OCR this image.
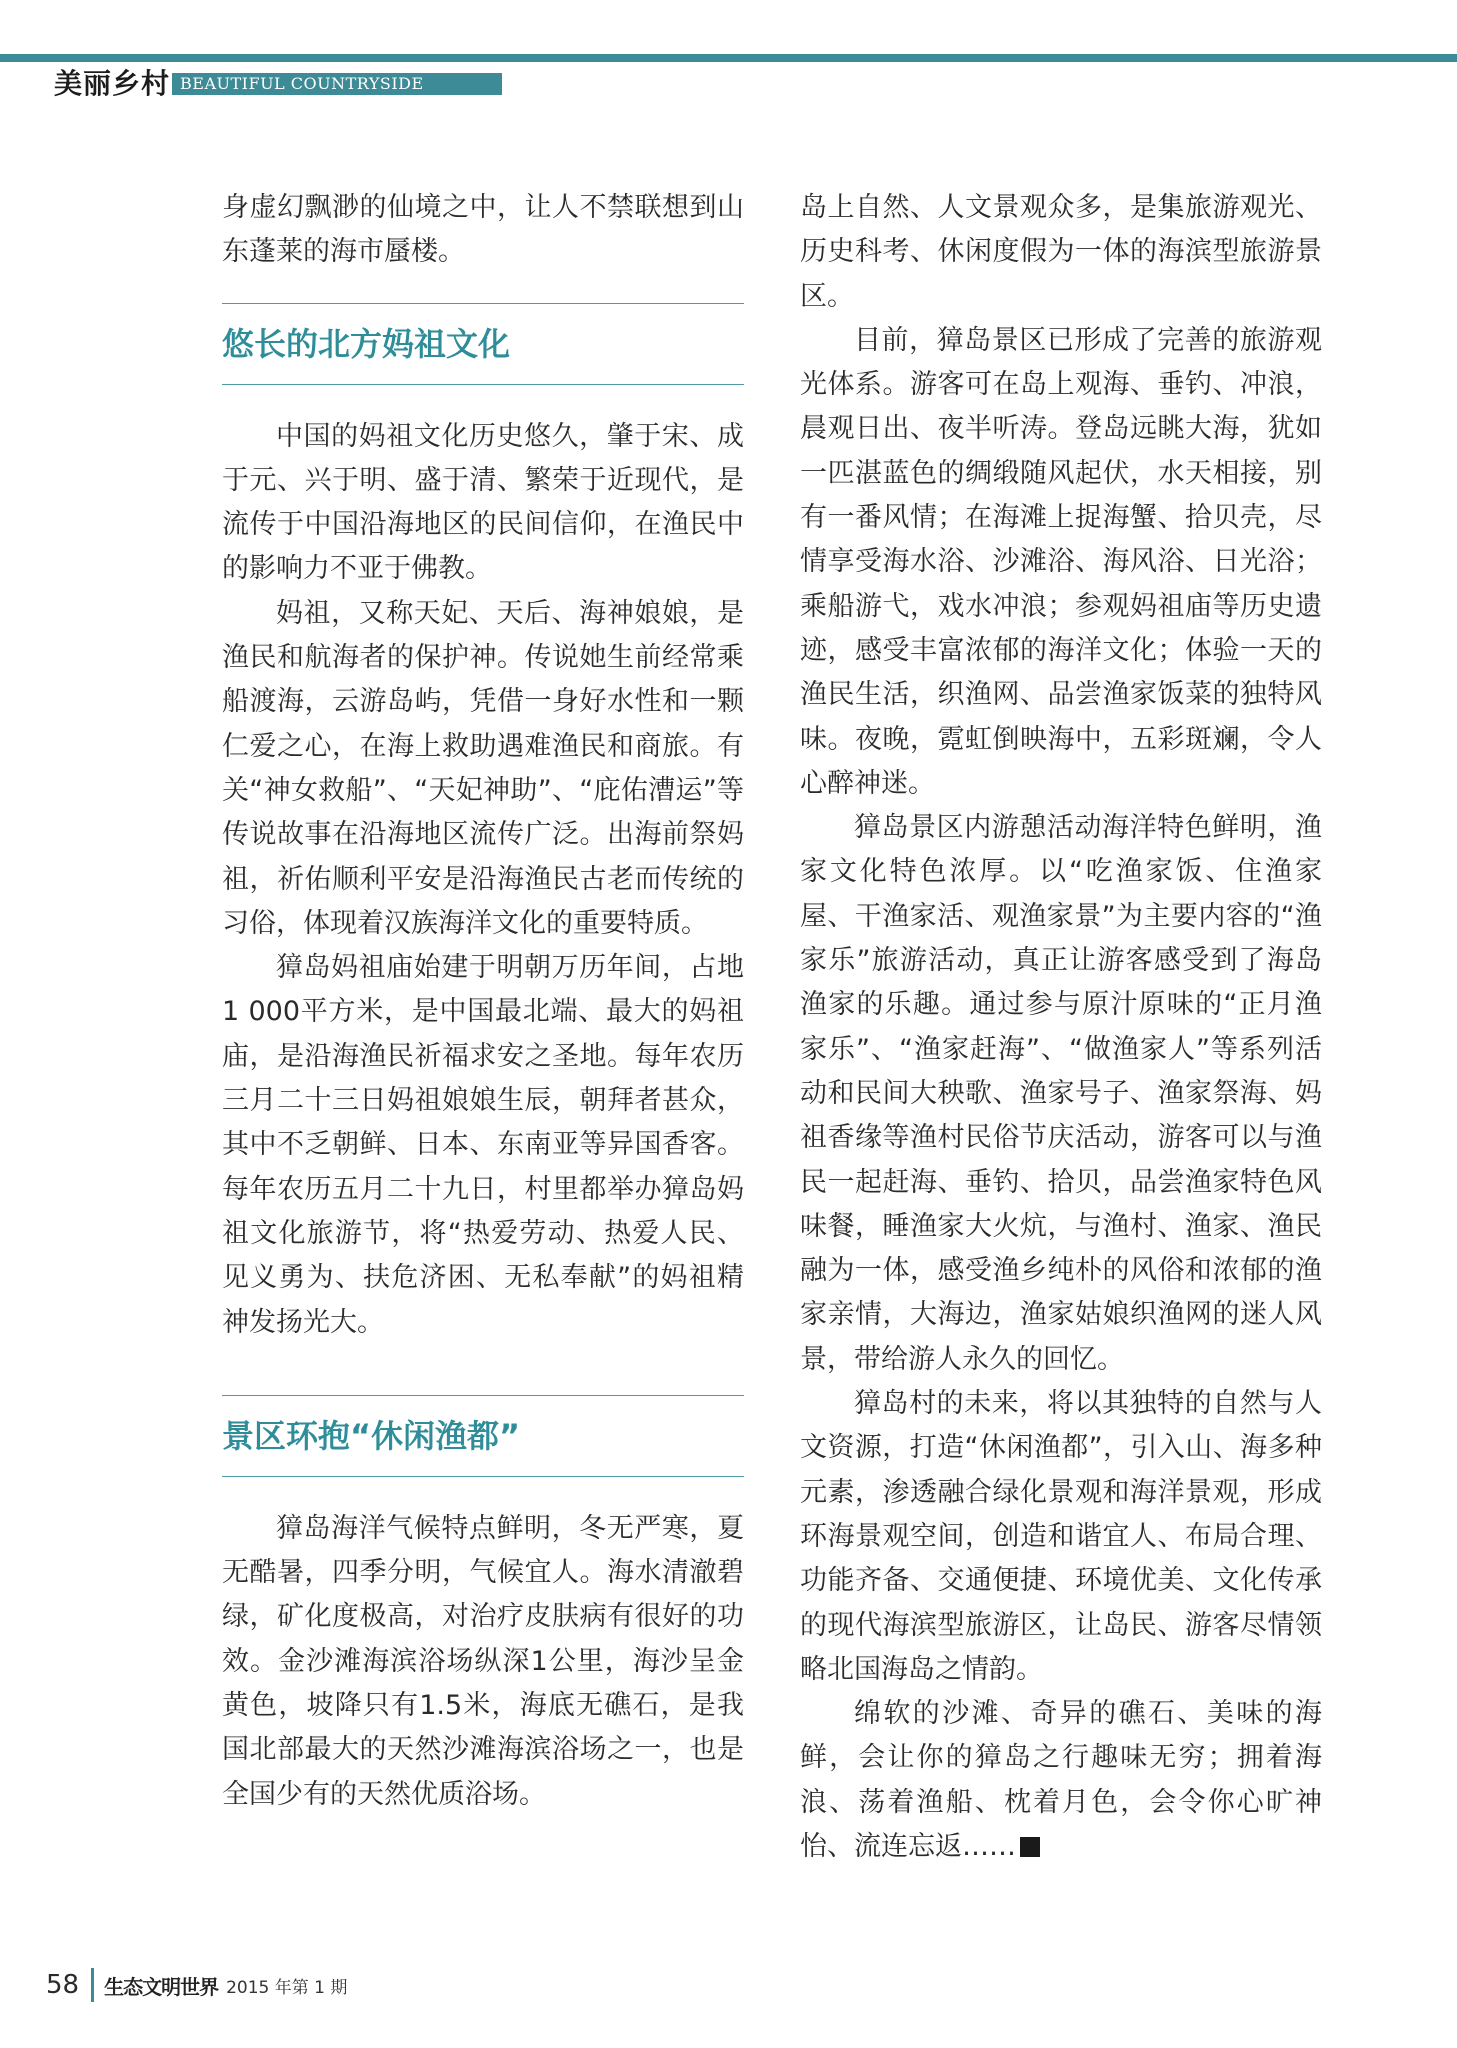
美丽乡村 BEAUTIFUL COUNTRYSIDE

身虚幻飘渺的仙境之中，让人不禁联想到山东蓬莱的海市蜃楼。

悠长的北方妈祖文化

中国的妈祖文化历史悠久，肇于宋、成于元、兴于明、盛于清、繁荣于近现代，是流传于中国沿海地区的民间信仰，在渔民中的影响力不亚于佛教。

妈祖，又称天妃、天后、海神娘娘，是渔民和航海者的保护神。传说她生前经常乘船渡海，云游岛屿，凭借一身好水性和一颗仁爱之心，在海上救助遇难渔民和商旅。有关“神女救船”、“天妃神助”、“庇佑漕运”等传说故事在沿海地区流传广泛。出海前祭妈祖，祈佑顺利平安是沿海渔民古老而传统的习俗，体现着汉族海洋文化的重要特质。

獐岛妈祖庙始建于明朝万历年间，占地1 000平方米，是中国最北端、最大的妈祖庙，是沿海渔民祈福求安之圣地。每年农历三月二十三日妈祖娘娘生辰，朝拜者甚众，其中不乏朝鲜、日本、东南亚等异国香客。每年农历五月二十九日，村里都举办獐岛妈祖文化旅游节，将“热爱劳动、热爱人民、见义勇为、扶危济困、无私奉献”的妈祖精神发扬光大。

景区环抱“休闲渔都”

獐岛海洋气候特点鲜明，冬无严寒，夏无酷暑，四季分明，气候宜人。海水清澈碧绿，矿化度极高，对治疗皮肤病有很好的功效。金沙滩海滨浴场纵深1公里，海沙呈金黄色，坡降只有1.5米，海底无礁石，是我国北部最大的天然沙滩海滨浴场之一，也是全国少有的天然优质浴场。

岛上自然、人文景观众多，是集旅游观光、历史科考、休闲度假为一体的海滨型旅游景区。

目前，獐岛景区已形成了完善的旅游观光体系。游客可在岛上观海、垂钓、冲浪，晨观日出、夜半听涛。登岛远眺大海，犹如一匹湛蓝色的绸缎随风起伏，水天相接，别有一番风情；在海滩上捉海蟹、拾贝壳，尽情享受海水浴、沙滩浴、海风浴、日光浴；乘船游弋，戏水冲浪；参观妈祖庙等历史遗迹，感受丰富浓郁的海洋文化；体验一天的渔民生活，织渔网、品尝渔家饭菜的独特风味。夜晚，霓虹倒映海中，五彩斑斓，令人心醉神迷。

獐岛景区内游憩活动海洋特色鲜明，渔家文化特色浓厚。以“吃渔家饭、住渔家屋、干渔家活、观渔家景”为主要内容的“渔家乐”旅游活动，真正让游客感受到了海岛渔家的乐趣。通过参与原汁原味的“正月渔家乐”、“渔家赶海”、“做渔家人”等系列活动和民间大秧歌、渔家号子、渔家祭海、妈祖香缘等渔村民俗节庆活动，游客可以与渔民一起赶海、垂钓、拾贝，品尝渔家特色风味餐，睡渔家大火炕，与渔村、渔家、渔民融为一体，感受渔乡纯朴的风俗和浓郁的渔家亲情，大海边，渔家姑娘织渔网的迷人风景，带给游人永久的回忆。

獐岛村的未来，将以其独特的自然与人文资源，打造“休闲渔都”，引入山、海多种元素，渗透融合绿化景观和海洋景观，形成环海景观空间，创造和谐宜人、布局合理、功能齐备、交通便捷、环境优美、文化传承的现代海滨型旅游区，让岛民、游客尽情领略北国海岛之情韵。

绵软的沙滩、奇异的礁石、美味的海鲜，会让你的獐岛之行趣味无穷；拥着海浪、荡着渔船、枕着月色，会令你心旷神怡、流连忘返……

58 生态文明世界 2015 年第 1 期
